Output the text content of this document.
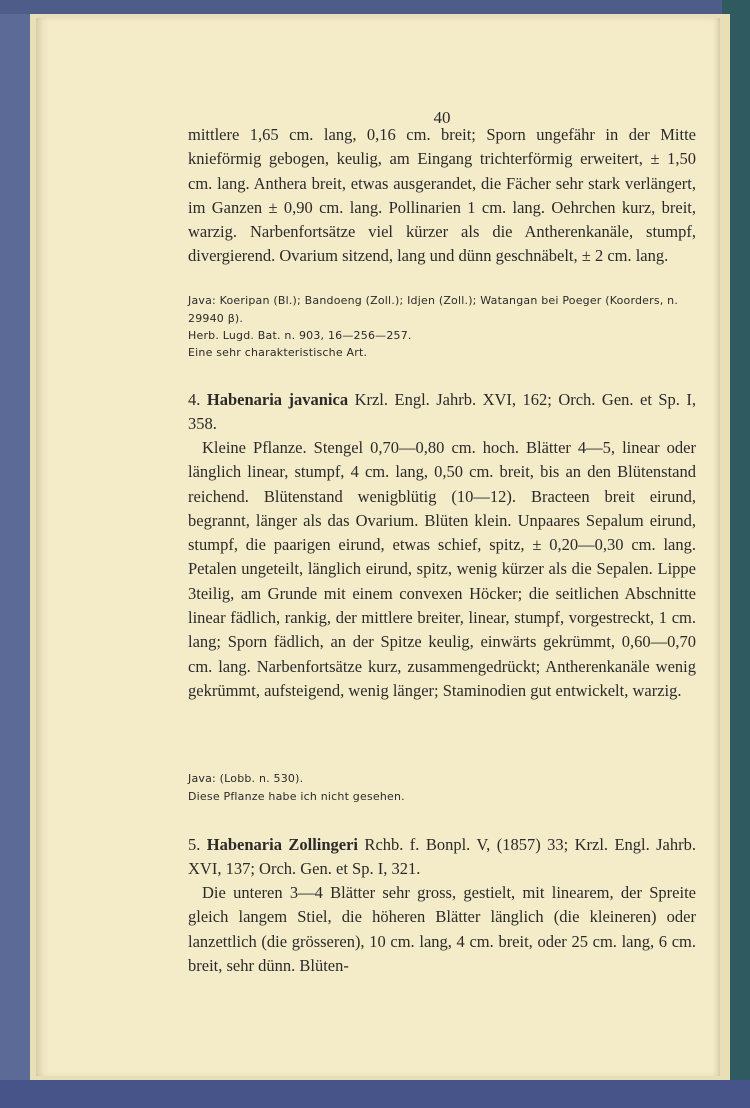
40

mittlere 1,65 cm. lang, 0,16 cm. breit; Sporn ungefähr in der Mitte knieförmig gebogen, keulig, am Eingang trichterförmig erweitert, ± 1,50 cm. lang. Anthera breit, etwas ausgerandet, die Fächer sehr stark verlängert, im Ganzen ± 0,90 cm. lang. Pollinarien 1 cm. lang. Oehrchen kurz, breit, warzig. Narbenfortsätze viel kürzer als die Antherenkanäle, stumpf, divergierend. Ovarium sitzend, lang und dünn geschnäbelt, ± 2 cm. lang.

Java: Koeripan (Bl.); Bandoeng (Zoll.); Idjen (Zoll.); Watangan bei Poeger (Koorders, n. 29940 β).

Herb. Lugd. Bat. n. 903, 16—256—257.

Eine sehr charakteristische Art.

4. Habenaria javanica Krzl. Engl. Jahrb. XVI, 162; Orch. Gen. et Sp. I, 358.

Kleine Pflanze. Stengel 0,70—0,80 cm. hoch. Blätter 4—5, linear oder länglich linear, stumpf, 4 cm. lang, 0,50 cm. breit, bis an den Blütenstand reichend. Blütenstand wenigblütig (10—12). Bracteen breit eirund, begrannt, länger als das Ovarium. Blüten klein. Unpaares Sepalum eirund, stumpf, die paarigen eirund, etwas schief, spitz, ± 0,20—0,30 cm. lang. Petalen ungeteilt, länglich eirund, spitz, wenig kürzer als die Sepalen. Lippe 3teilig, am Grunde mit einem convexen Höcker; die seitlichen Abschnitte linear fädlich, rankig, der mittlere breiter, linear, stumpf, vorgestreckt, 1 cm. lang; Sporn fädlich, an der Spitze keulig, einwärts gekrümmt, 0,60—0,70 cm. lang. Narbenfortsätze kurz, zusammengedrückt; Antherenkanäle wenig gekrümmt, aufsteigend, wenig länger; Staminodien gut entwickelt, warzig.

Java: (Lobb. n. 530).

Diese Pflanze habe ich nicht gesehen.

5. Habenaria Zollingeri Rchb. f. Bonpl. V, (1857) 33; Krzl. Engl. Jahrb. XVI, 137; Orch. Gen. et Sp. I, 321.

Die unteren 3—4 Blätter sehr gross, gestielt, mit linearem, der Spreite gleich langem Stiel, die höheren Blätter länglich (die kleineren) oder lanzettlich (die grösseren), 10 cm. lang, 4 cm. breit, oder 25 cm. lang, 6 cm. breit, sehr dünn. Blüten-
